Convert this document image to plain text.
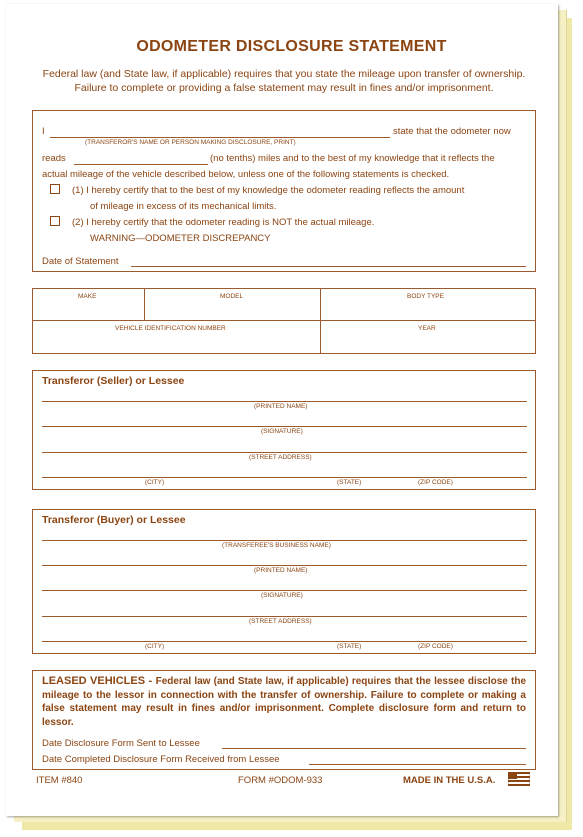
ODOMETER DISCLOSURE STATEMENT
Federal law (and State law, if applicable) requires that you state the mileage upon transfer of ownership. Failure to complete or providing a false statement may result in fines and/or imprisonment.
I
(TRANSFEROR'S NAME OR PERSON MAKING DISCLOSURE, PRINT)
state that the odometer now
reads	(no tenths) miles and to the best of my knowledge that it reflects the
actual mileage of the vehicle described below, unless one of the following statements is checked.
(1) I hereby certify that to the best of my knowledge the odometer reading reflects the amount
of mileage in excess of its mechanical limits.
(2) I hereby certify that the odometer reading is NOT the actual mileage.
WARNING—ODOMETER DISCREPANCY
Date of Statement
MAKE	MODEL	BODY TYPE
VEHICLE IDENTIFICATION NUMBER	YEAR
Transferor (Seller) or Lessee
(PRINTED NAME)
(SIGNATURE)
(STREET ADDRESS)
(CITY)	(STATE)	(ZIP CODE)
Transferor (Buyer) or Lessee
(TRANSFEREE'S BUSINESS NAME)
(PRINTED NAME)
(SIGNATURE)
(STREET ADDRESS)
(CITY)	(STATE)	(ZIP CODE)
LEASED VEHICLES - Federal law (and State law, if applicable) requires that the lessee disclose the mileage to the lessor in connection with the transfer of ownership. Failure to complete or making a false statement may result in fines and/or imprisonment. Complete disclosure form and return to lessor.
Date Disclosure Form Sent to Lessee
Date Completed Disclosure Form Received from Lessee
ITEM #840	FORM #ODOM-933	MADE IN THE U.S.A.
